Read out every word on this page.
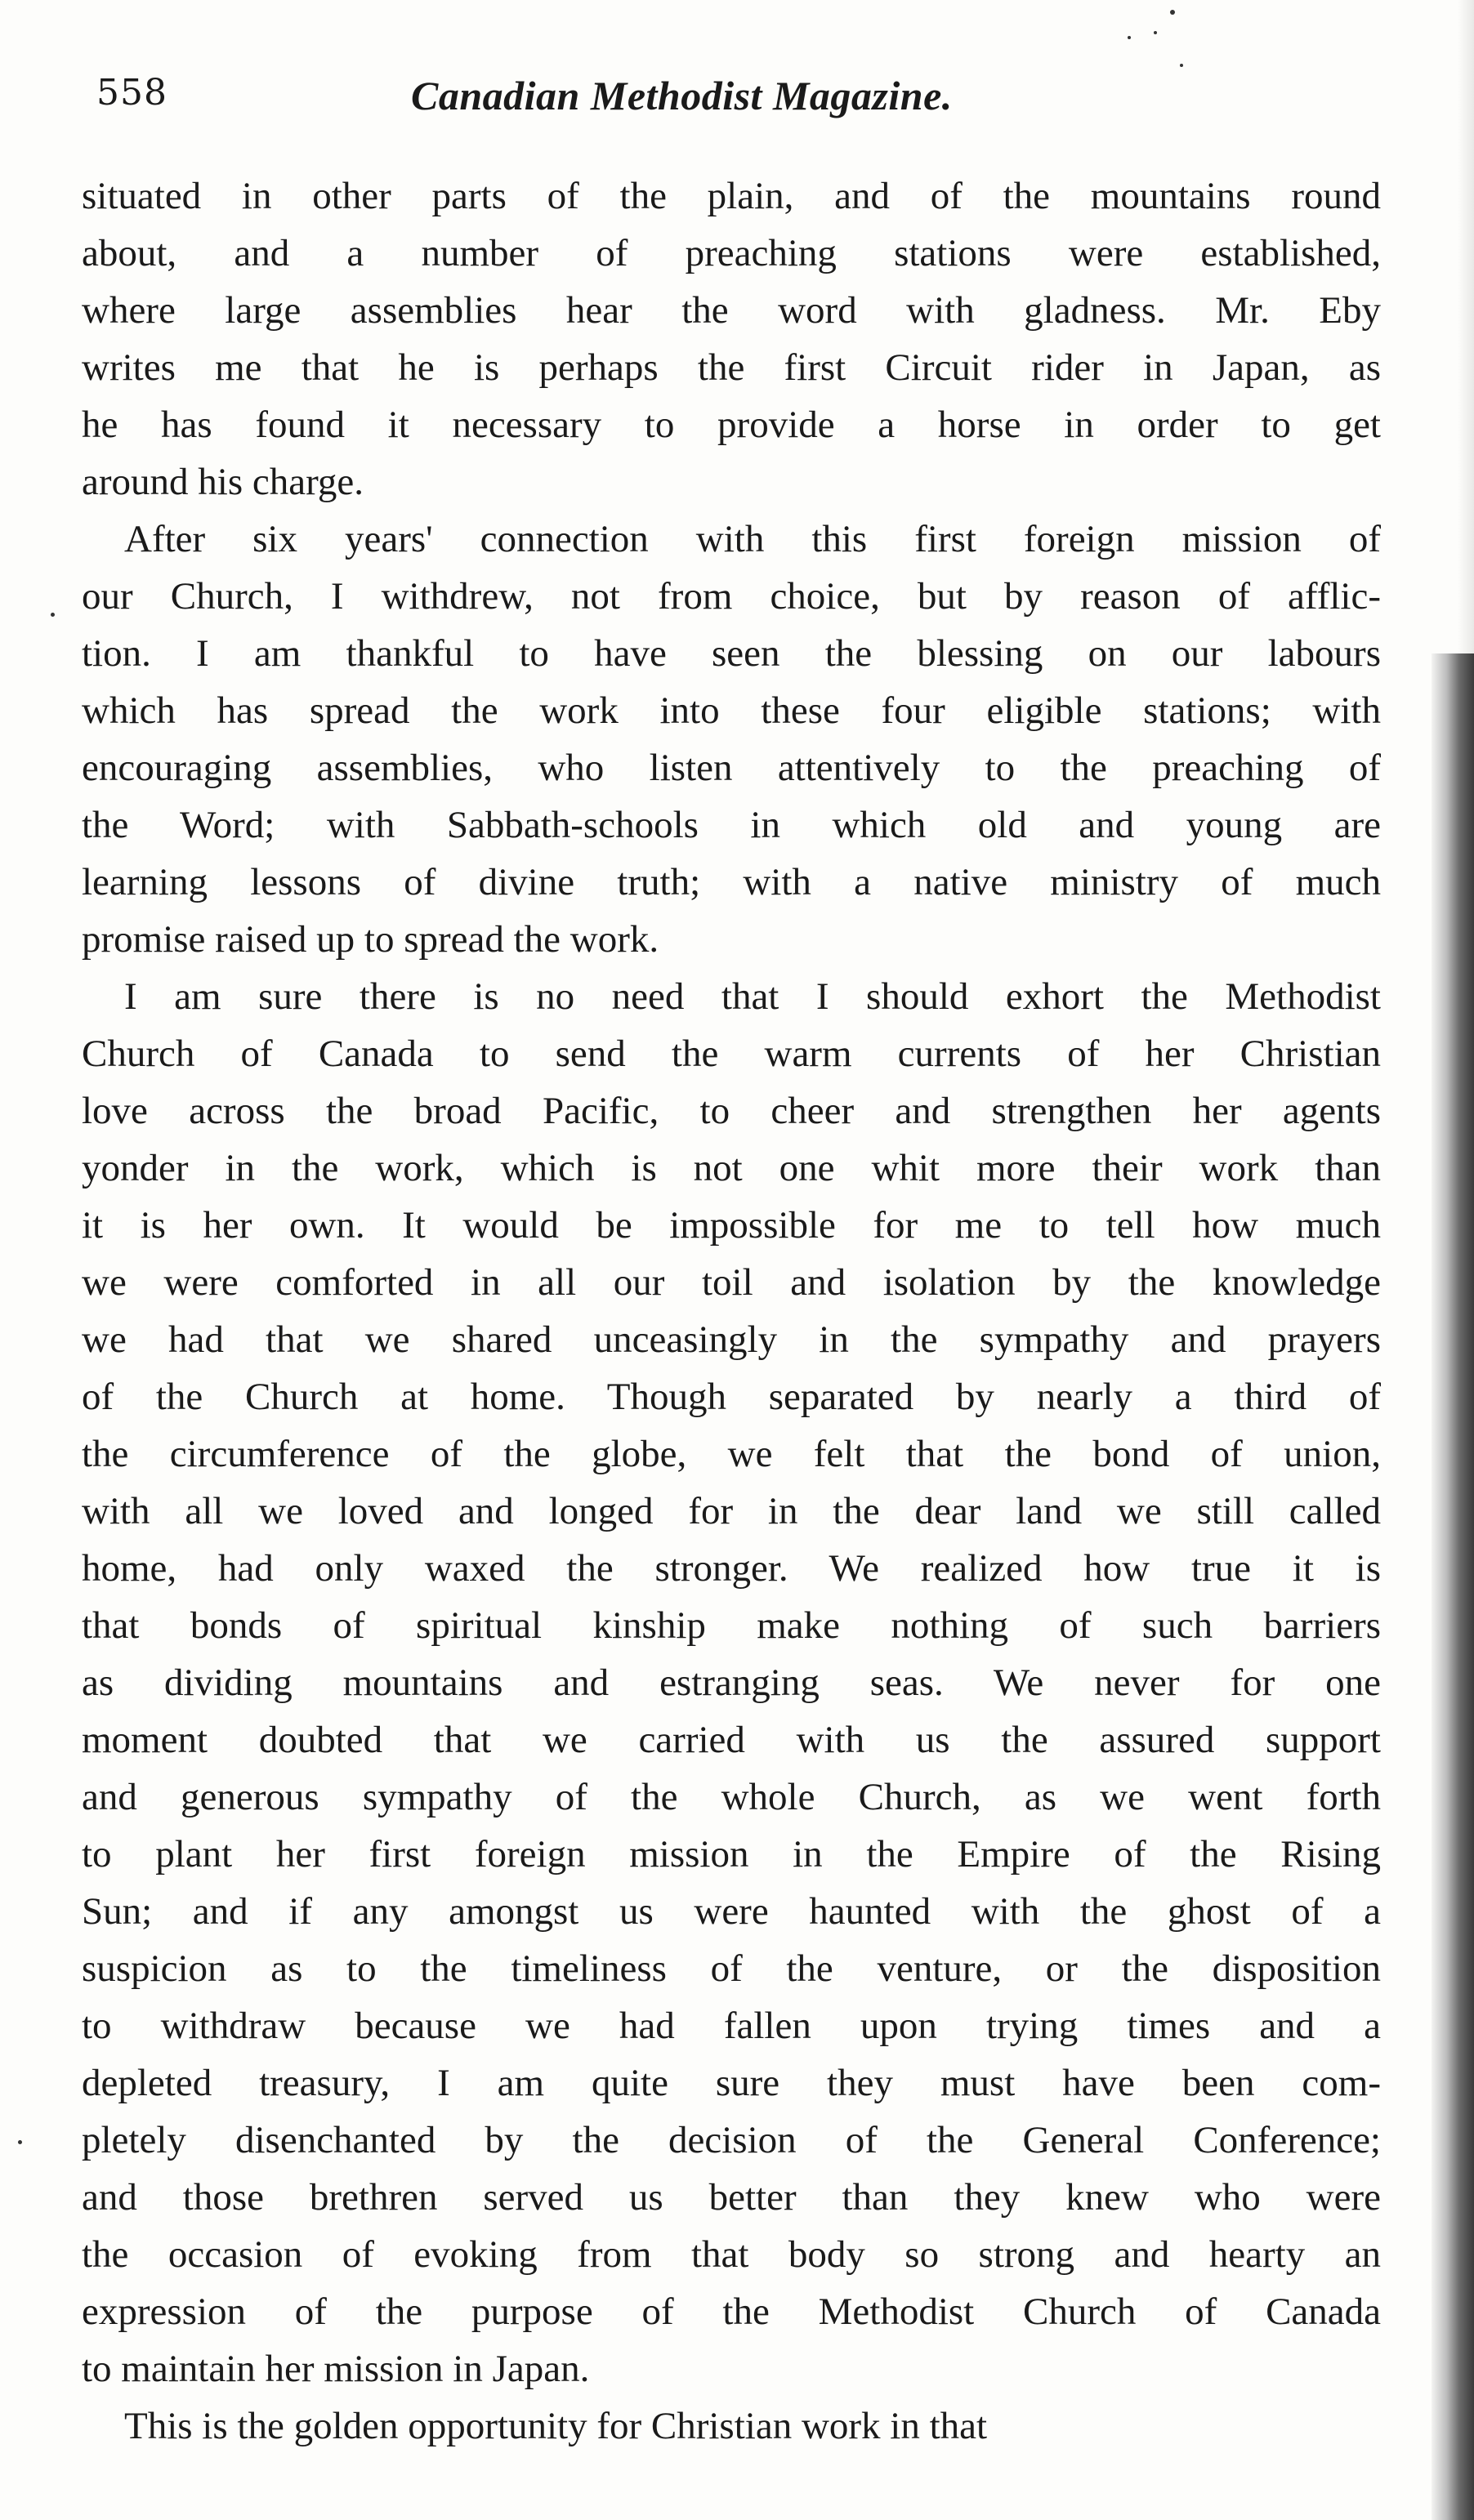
558	Canadian Methodist Magazine.

situated in other parts of the plain, and of the mountains round
about, and a number of preaching stations were established,
where large assemblies hear the word with gladness. Mr. Eby
writes me that he is perhaps the first Circuit rider in Japan, as
he has found it necessary to provide a horse in order to get
around his charge.

After six years' connection with this first foreign mission of
our Church, I withdrew, not from choice, but by reason of afflic-
tion. I am thankful to have seen the blessing on our labours
which has spread the work into these four eligible stations; with
encouraging assemblies, who listen attentively to the preaching of
the Word; with Sabbath-schools in which old and young are
learning lessons of divine truth; with a native ministry of much
promise raised up to spread the work.

I am sure there is no need that I should exhort the Methodist
Church of Canada to send the warm currents of her Christian
love across the broad Pacific, to cheer and strengthen her agents
yonder in the work, which is not one whit more their work than
it is her own. It would be impossible for me to tell how much
we were comforted in all our toil and isolation by the knowledge
we had that we shared unceasingly in the sympathy and prayers
of the Church at home. Though separated by nearly a third of
the circumference of the globe, we felt that the bond of union,
with all we loved and longed for in the dear land we still called
home, had only waxed the stronger. We realized how true it is
that bonds of spiritual kinship make nothing of such barriers
as dividing mountains and estranging seas. We never for one
moment doubted that we carried with us the assured support
and generous sympathy of the whole Church, as we went forth
to plant her first foreign mission in the Empire of the Rising
Sun; and if any amongst us were haunted with the ghost of a
suspicion as to the timeliness of the venture, or the disposition
to withdraw because we had fallen upon trying times and a
depleted treasury, I am quite sure they must have been com-
pletely disenchanted by the decision of the General Conference;
and those brethren served us better than they knew who were
the occasion of evoking from that body so strong and hearty an
expression of the purpose of the Methodist Church of Canada
to maintain her mission in Japan.

This is the golden opportunity for Christian work in that
